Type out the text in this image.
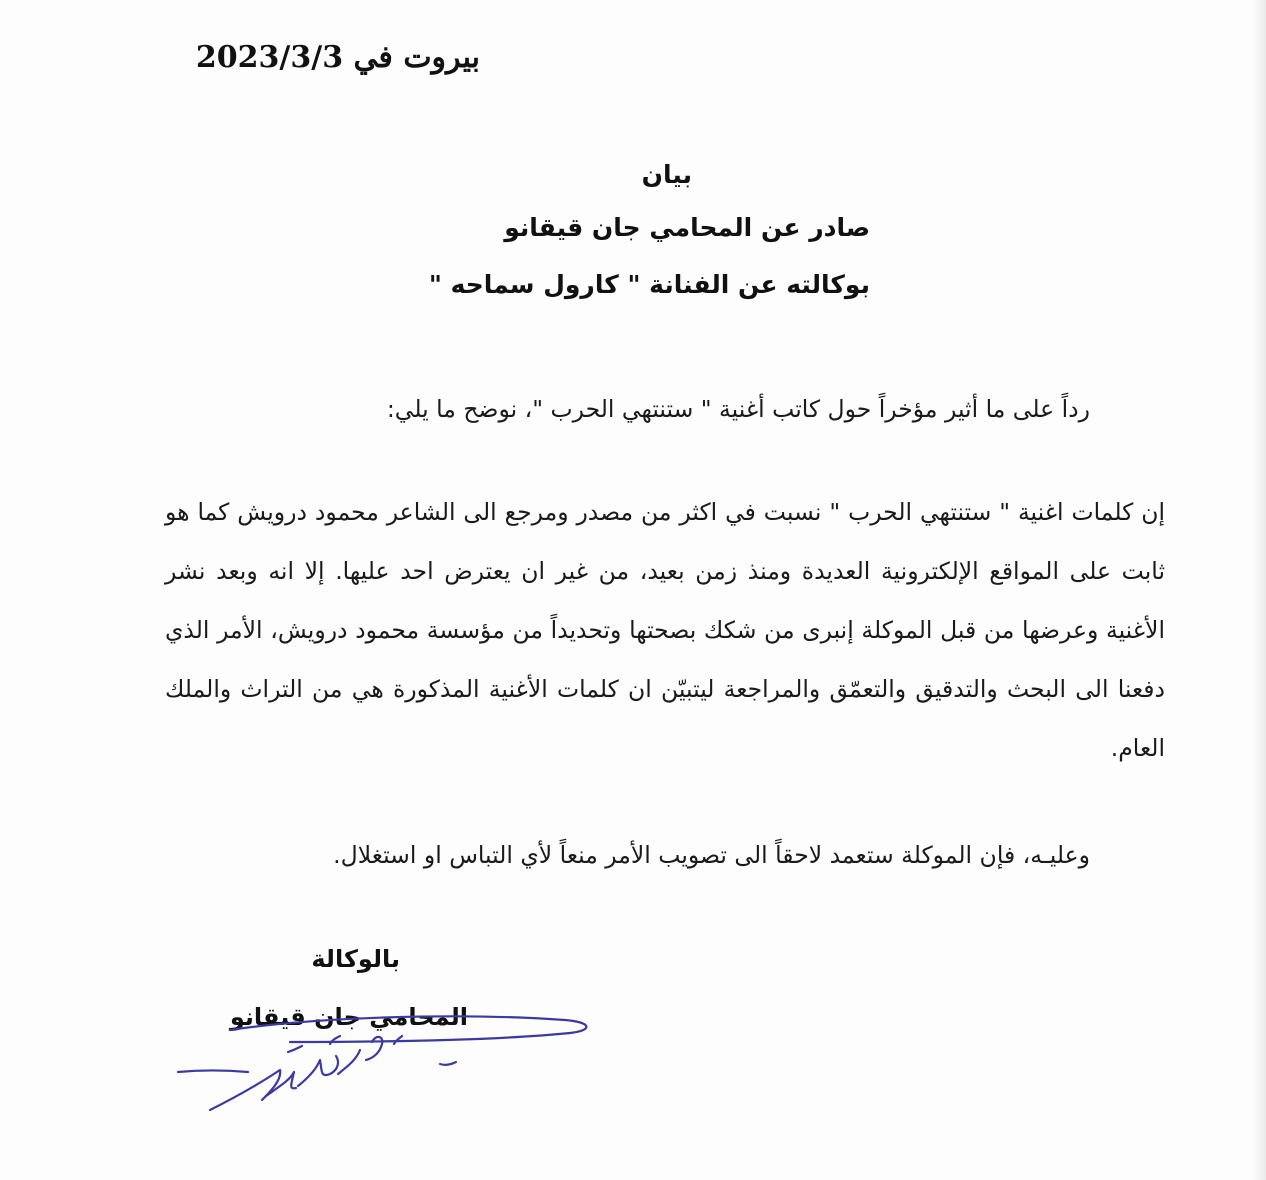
بيروت في 2023/3/3
بيان
صادر عن المحامي جان قيقانو
بوكالته عن الفنانة " كارول سماحه "
رداً على ما أثير مؤخراً حول كاتب أغنية " ستنتهي الحرب "، نوضح ما يلي:
إن كلمات اغنية " ستنتهي الحرب " نسبت في اكثر من مصدر ومرجع الى الشاعر محمود درويش كما هو ثابت على المواقع الإلكترونية العديدة ومنذ زمن بعيد، من غير ان يعترض احد عليها. إلا انه وبعد نشر الأغنية وعرضها من قبل الموكلة إنبرى من شكك بصحتها وتحديداً من مؤسسة محمود درويش، الأمر الذي دفعنا الى البحث والتدقيق والتعمّق والمراجعة ليتبيّن ان كلمات الأغنية المذكورة هي من التراث والملك العام.
وعليـه، فإن الموكلة ستعمد لاحقاً الى تصويب الأمر منعاً لأي التباس او استغلال.
بالوكالة
المحامي جان قيقانو
